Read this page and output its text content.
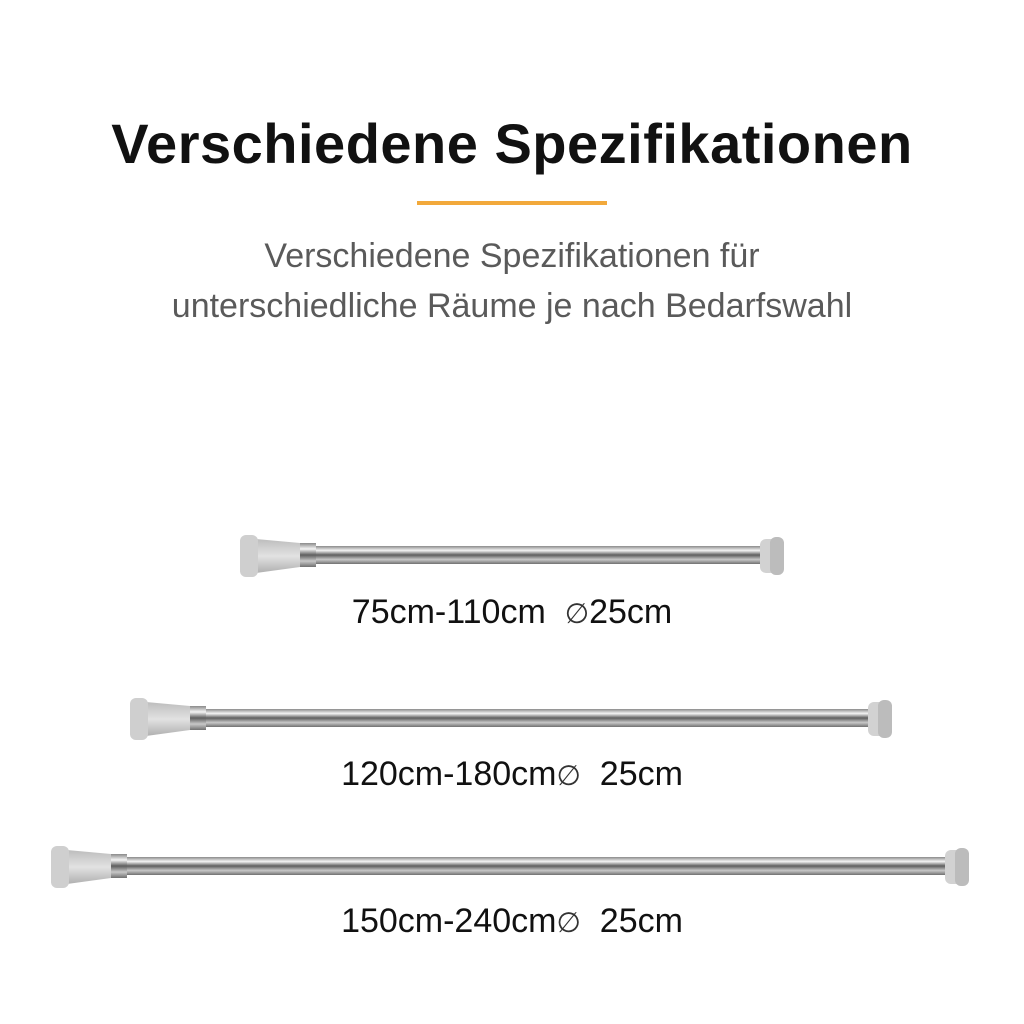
Verschiedene Spezifikationen
Verschiedene Spezifikationen für
unterschiedliche Räume je nach Bedarfswahl
75cm-110cm ∅25cm
120cm-180cm∅ 25cm
150cm-240cm∅ 25cm
